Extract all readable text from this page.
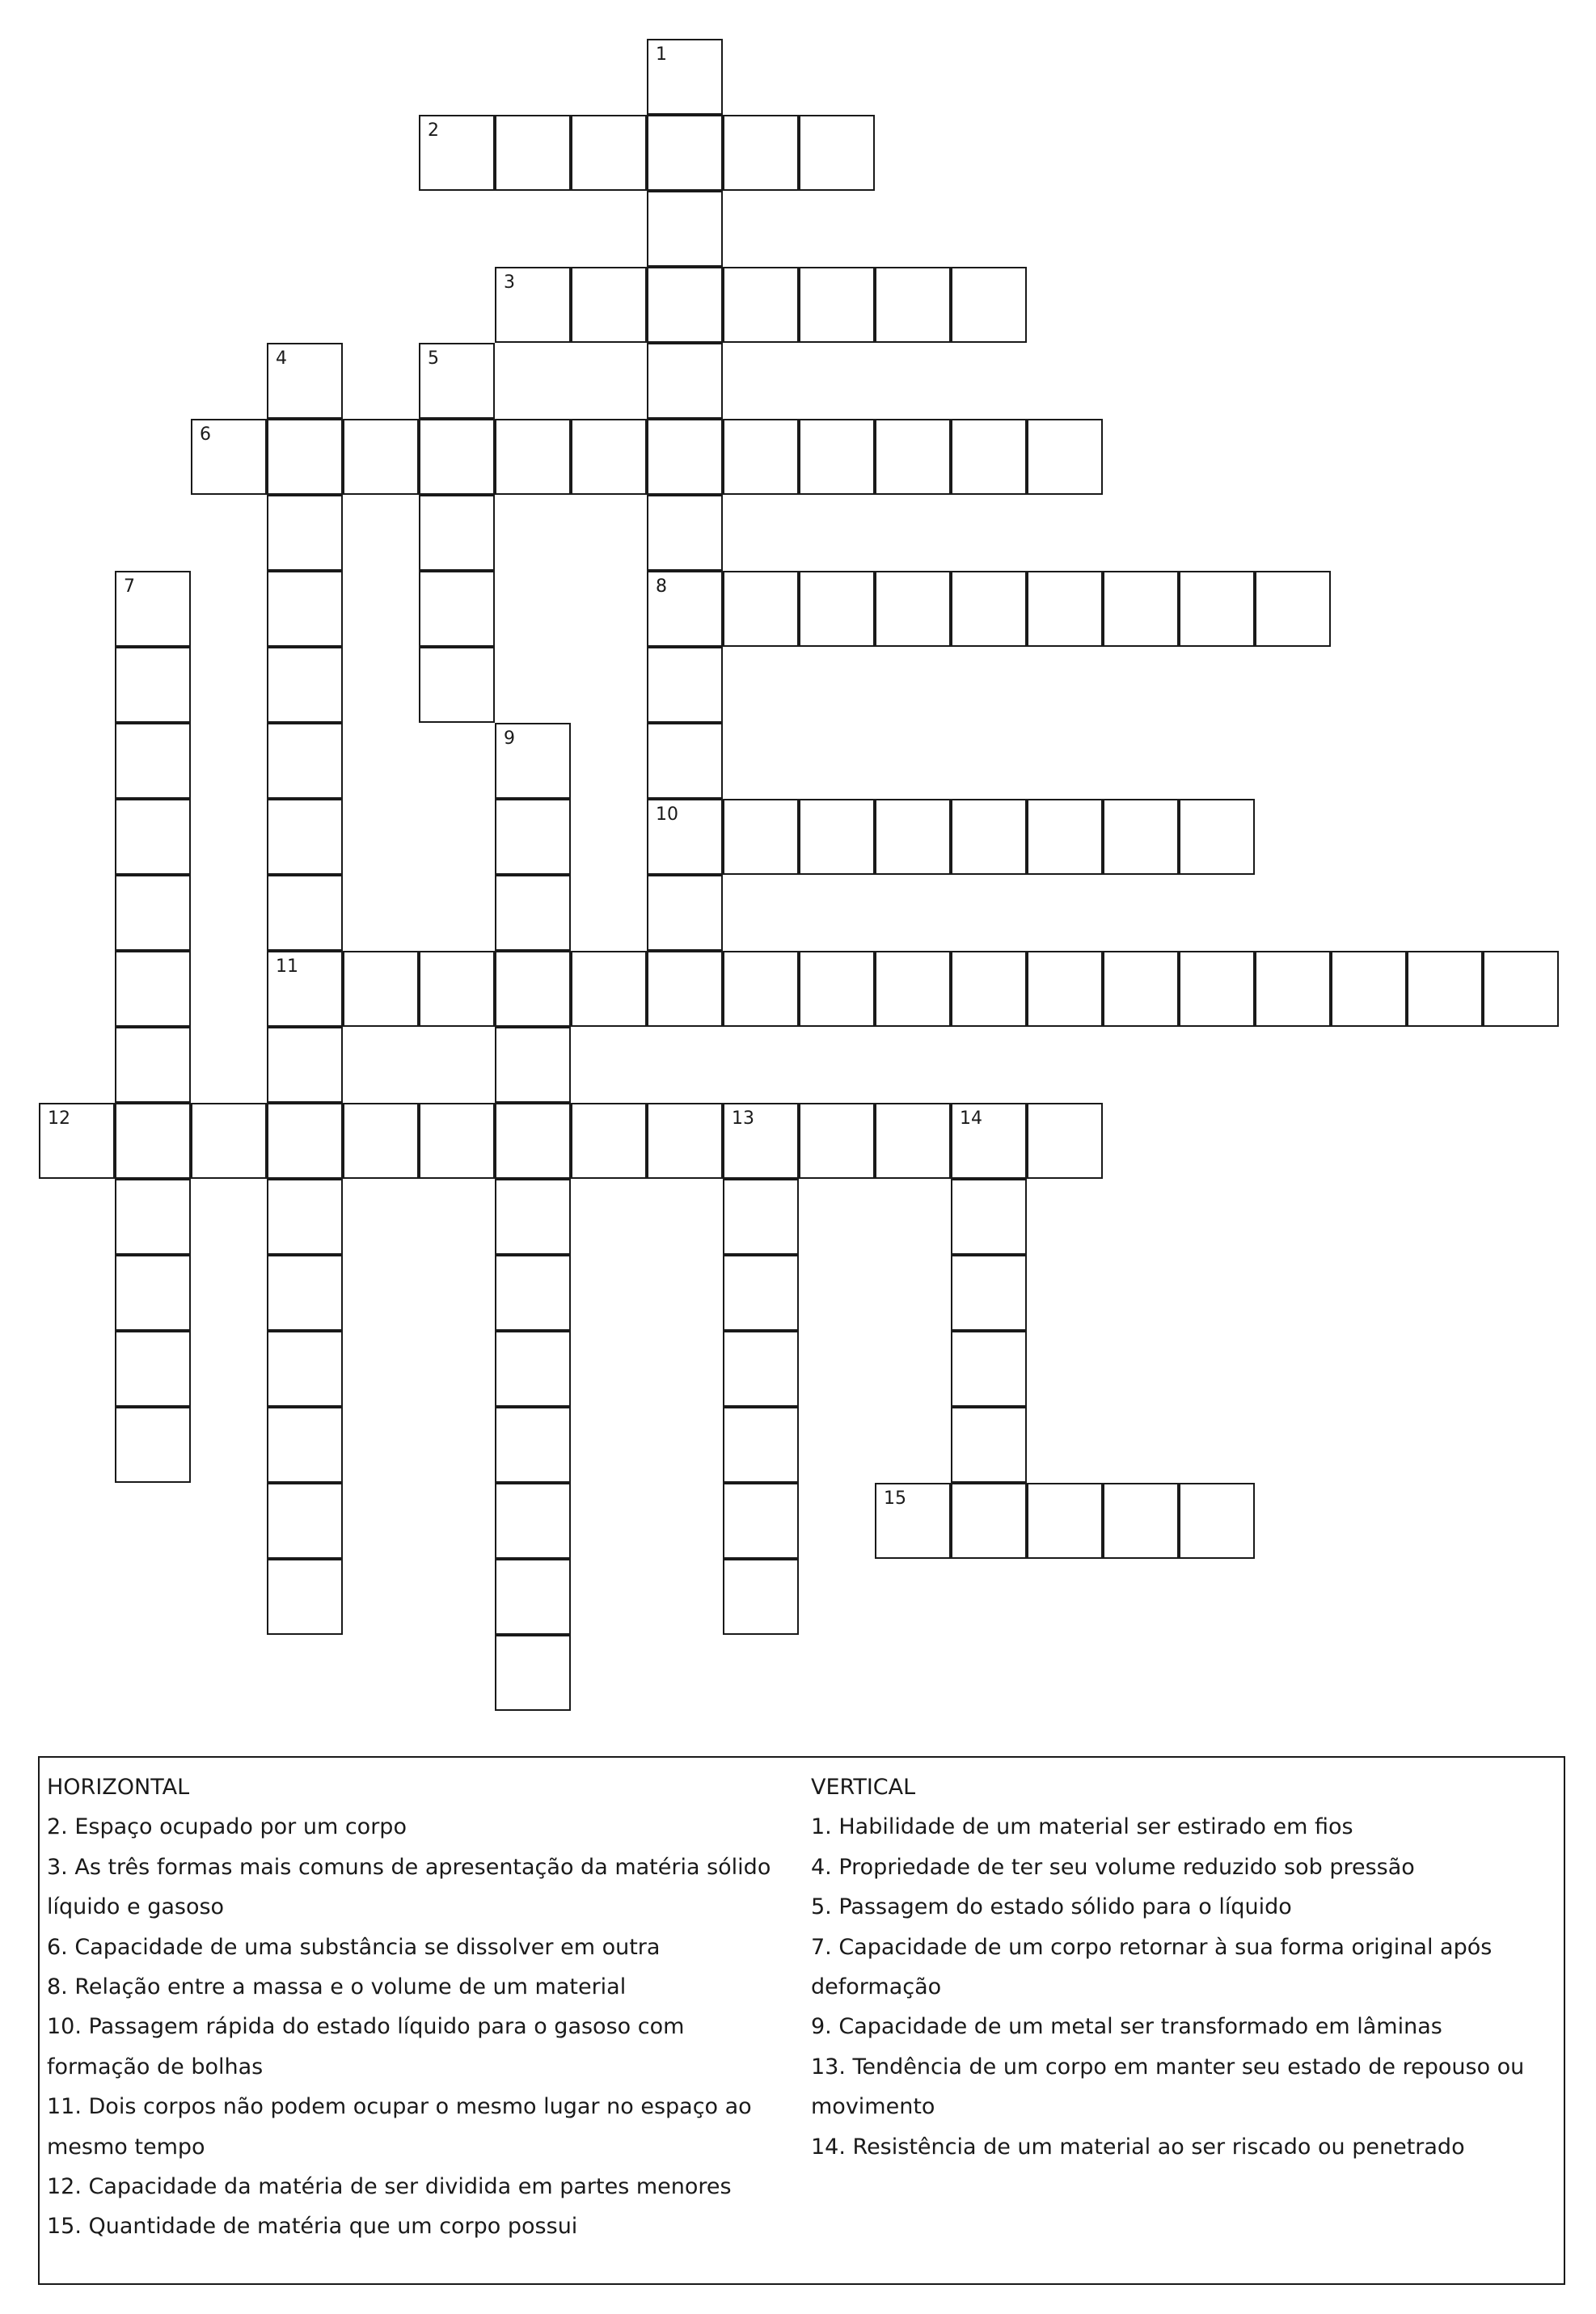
1
8
10
2
3
4
11
5
6
7
9
12	13	14
15
HORIZONTAL
2. Espaço ocupado por um corpo
3. As três formas mais comuns de apresentação da matéria sólido líquido e gasoso
6. Capacidade de uma substância se dissolver em outra
8. Relação entre a massa e o volume de um material
10. Passagem rápida do estado líquido para o gasoso com formação de bolhas
11. Dois corpos não podem ocupar o mesmo lugar no espaço ao mesmo tempo
12. Capacidade da matéria de ser dividida em partes menores
15. Quantidade de matéria que um corpo possui
VERTICAL
1. Habilidade de um material ser estirado em fios
4. Propriedade de ter seu volume reduzido sob pressão
5. Passagem do estado sólido para o líquido
7. Capacidade de um corpo retornar à sua forma original após deformação
9. Capacidade de um metal ser transformado em lâminas
13. Tendência de um corpo em manter seu estado de repouso ou movimento
14. Resistência de um material ao ser riscado ou penetrado
